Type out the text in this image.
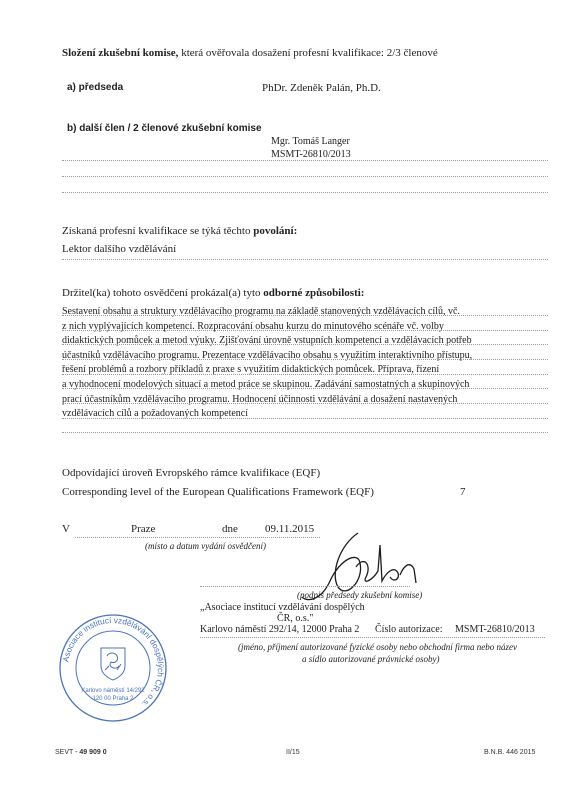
Složení zkušební komise, která ověřovala dosažení profesní kvalifikace: 2/3 členové
a) předseda	PhDr. Zdeněk Palán, Ph.D.
b) další člen / 2 členové zkušební komise
Mgr. Tomáš Langer
MSMT-26810/2013
Získaná profesní kvalifikace se týká těchto povolání:
Lektor dalšího vzdělávání
Držitel(ka) tohoto osvědčení prokázal(a) tyto odborné způsobilosti:
Sestavení obsahu a struktury vzdělávacího programu na základě stanovených vzdělávacích cílů, vč.
z nich vyplývajících kompetencí. Rozpracování obsahu kurzu do minutového scénáře vč. volby
didaktických pomůcek a metod výuky. Zjišťování úrovně vstupních kompetencí a vzdělávacích potřeb
účastníků vzdělávacího programu. Prezentace vzdělávacího obsahu s využitím interaktivního přístupu,
řešení problémů a rozbory příkladů z praxe s využitím didaktických pomůcek. Příprava, řízení
a vyhodnocení modelových situací a metod práce se skupinou. Zadávání samostatných a skupinových
prací účastníkům vzdělávacího programu. Hodnocení účinnosti vzdělávání a dosažení nastavených
vzdělávacích cílů a požadovaných kompetencí
Odpovídající úroveň Evropského rámce kvalifikace (EQF)
Corresponding level of the European Qualifications Framework (EQF)	7
V	Praze	dne 09.11.2015
(místo a datum vydání osvědčení)
(podpis předsedy zkušební komise)
„Asociace institucí vzdělávání dospělých
ČR, o.s."
Karlovo náměstí 292/14, 12000 Praha 2 Číslo autorizace: MSMT-26810/2013
(jméno, příjmení autorizované fyzické osoby nebo obchodní firma nebo název
a sídlo autorizované právnické osoby)
Asociace institucí vzdělávání dospělých ČR, o.s.
Karlovo náměstí 14/292
120 00 Praha 2
SEVT - 49 909 0	II/15	B.N.B. 446 2015
